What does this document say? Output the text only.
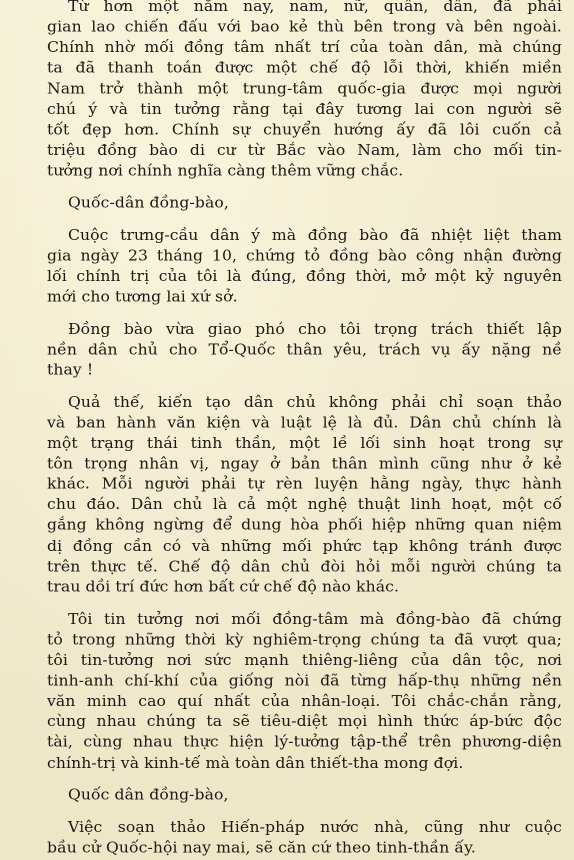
Từ hơn một năm nay, nam, nữ, quân, dân, đã phải
gian lao chiến đấu với bao kẻ thù bên trong và bên ngoài.
Chính nhờ mối đồng tâm nhất trí của toàn dân, mà chúng
ta đã thanh toán được một chế độ lỗi thời, khiến miền
Nam trở thành một trung-tâm quốc-gia được mọi người
chú ý và tin tưởng rằng tại đây tương lai con người sẽ
tốt đẹp hơn. Chính sự chuyển hướng ấy đã lôi cuốn cả
triệu đồng bào di cư từ Bắc vào Nam, làm cho mối tin-
tưởng nơi chính nghĩa càng thêm vững chắc.
Quốc-dân đồng-bào,
Cuộc trưng-cầu dân ý mà đồng bào đã nhiệt liệt tham
gia ngày 23 tháng 10, chứng tỏ đồng bào công nhận đường
lối chính trị của tôi là đúng, đồng thời, mở một kỷ nguyên
mới cho tương lai xứ sở.
Đồng bào vừa giao phó cho tôi trọng trách thiết lập
nền dân chủ cho Tổ-Quốc thân yêu, trách vụ ấy nặng nề
thay !
Quả thế, kiến tạo dân chủ không phải chỉ soạn thảo
và ban hành văn kiện và luật lệ là đủ. Dân chủ chính là
một trạng thái tinh thần, một lề lối sinh hoạt trong sự
tôn trọng nhân vị, ngay ở bản thân mình cũng như ở kẻ
khác. Mỗi người phải tự rèn luyện hằng ngày, thực hành
chu đáo. Dân chủ là cả một nghệ thuật linh hoạt, một cố
gắng không ngừng để dung hòa phối hiệp những quan niệm
dị đồng cần có và những mối phức tạp không tránh được
trên thực tế. Chế độ dân chủ đòi hỏi mỗi người chúng ta
trau dồi trí đức hơn bất cứ chế độ nào khác.
Tôi tin tưởng nơi mối đồng-tâm mà đồng-bào đã chứng
tỏ trong những thời kỳ nghiêm-trọng chúng ta đã vượt qua;
tôi tin-tưởng nơi sức mạnh thiêng-liêng của dân tộc, nơi
tinh-anh chí-khí của giống nòi đã từng hấp-thụ những nền
văn minh cao quí nhất của nhân-loại. Tôi chắc-chắn rằng,
cùng nhau chúng ta sẽ tiêu-diệt mọi hình thức áp-bức độc
tài, cùng nhau thực hiện lý-tưởng tập-thể trên phương-diện
chính-trị và kinh-tế mà toàn dân thiết-tha mong đợi.
Quốc dân đồng-bào,
Việc soạn thảo Hiến-pháp nước nhà, cũng như cuộc
bầu cử Quốc-hội nay mai, sẽ căn cứ theo tinh-thần ấy.
